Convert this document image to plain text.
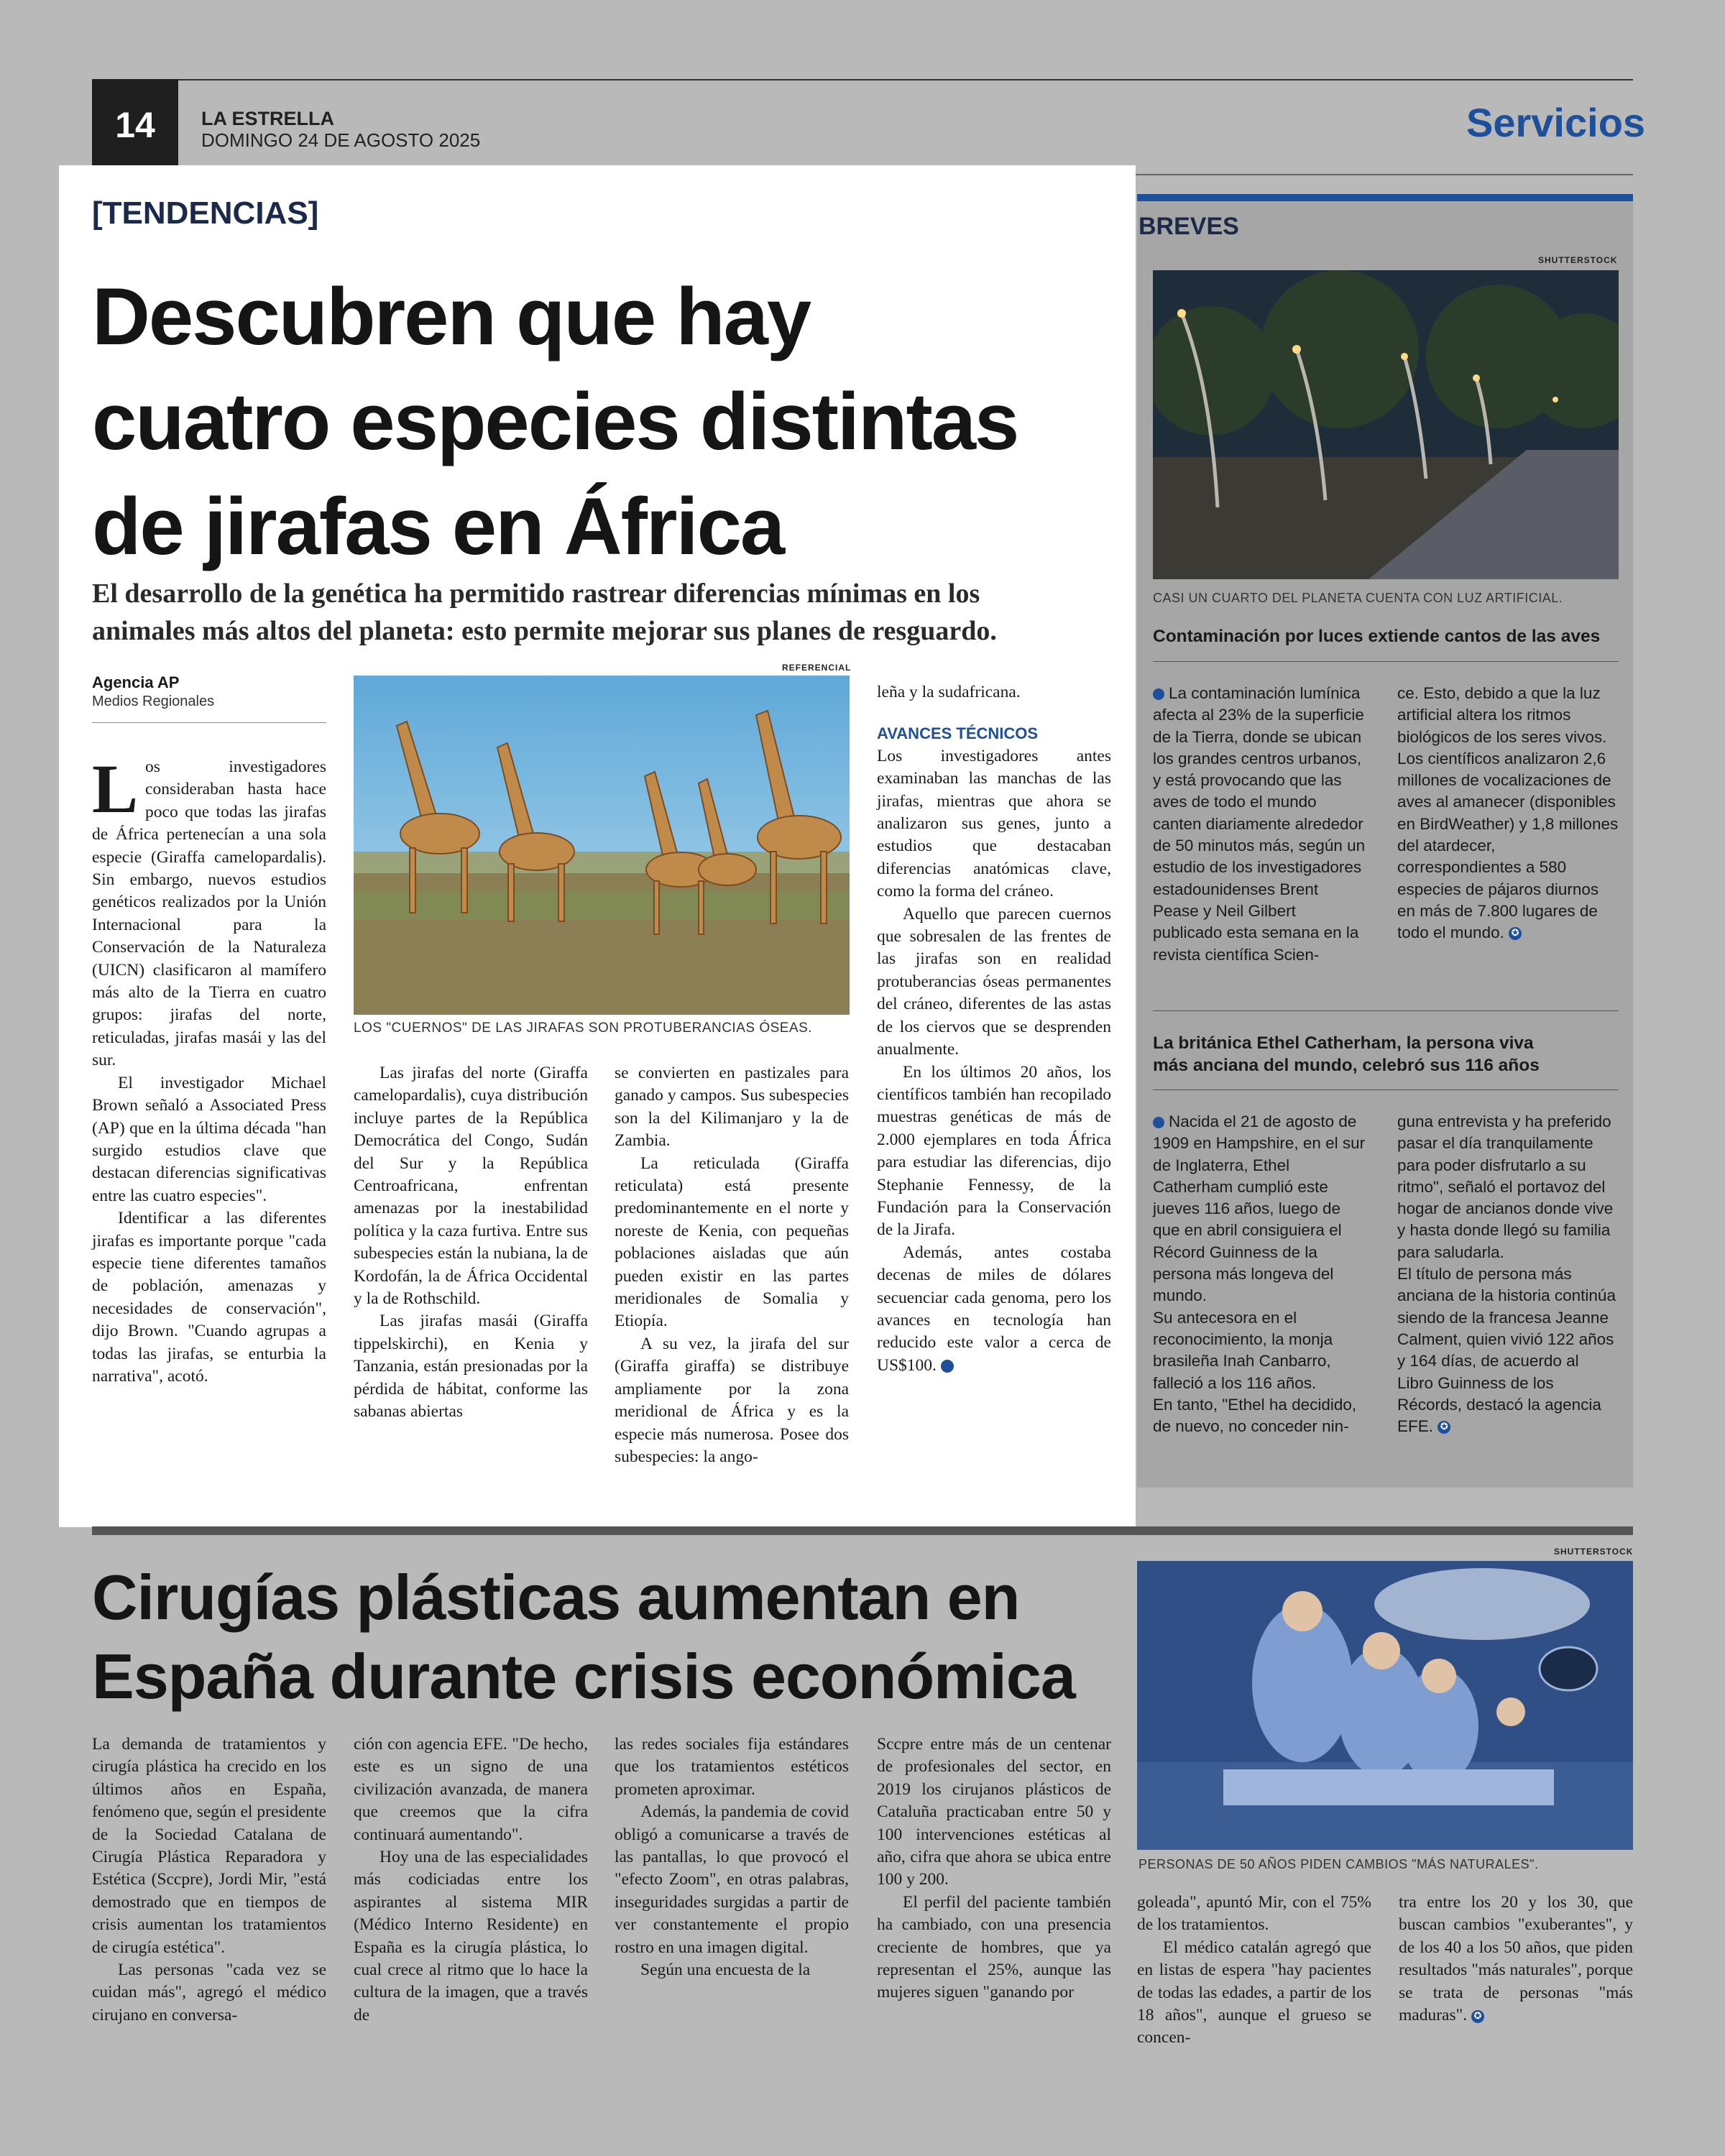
14	LA ESTRELLA
DOMINGO 24 DE AGOSTO 2025	Servicios
[TENDENCIAS]
Descubren que hay
cuatro especies distintas
de jirafas en África
El desarrollo de la genética ha permitido rastrear diferencias mínimas en los
animales más altos del planeta: esto permite mejorar sus planes de resguardo.
Agencia AP
Medios Regionales
REFERENCIAL
LOS "CUERNOS" DE LAS JIRAFAS SON PROTUBERANCIAS ÓSEAS.
L os investigadores consideraban hasta hace poco que todas las jirafas de África pertenecían a una sola especie (Giraffa camelopardalis). Sin embargo, nuevos estudios genéticos realizados por la Unión Internacional para la Conservación de la Naturaleza (UICN) clasificaron al mamífero más alto de la Tierra en cuatro grupos: jirafas del norte, reticuladas, jirafas masái y las del sur.

El investigador Michael Brown señaló a Associated Press (AP) que en la última década "han surgido estudios clave que destacan diferencias significativas entre las cuatro especies".

Identificar a las diferentes jirafas es importante porque "cada especie tiene diferentes tamaños de población, amenazas y necesidades de conservación", dijo Brown. "Cuando agrupas a todas las jirafas, se enturbia la narrativa", acotó.

Las jirafas del norte (Giraffa camelopardalis), cuya distribución incluye partes de la República Democrática del Congo, Sudán del Sur y la República Centroafricana, enfrentan amenazas por la inestabilidad política y la caza furtiva. Entre sus subespecies están la nubiana, la de Kordofán, la de África Occidental y la de Rothschild.

Las jirafas masái (Giraffa tippelskirchi), en Kenia y Tanzania, están presionadas por la pérdida de hábitat, conforme las sabanas abiertas

se convierten en pastizales para ganado y campos. Sus subespecies son la del Kilimanjaro y la de Zambia.

La reticulada (Giraffa reticulata) está presente predominantemente en el norte y noreste de Kenia, con pequeñas poblaciones aisladas que aún pueden existir en las partes meridionales de Somalia y Etiopía.

A su vez, la jirafa del sur (Giraffa giraffa) se distribuye ampliamente por la zona meridional de África y es la especie más numerosa. Posee dos subespecies: la ango-

leña y la sudafricana.

AVANCES TÉCNICOS

Los investigadores antes examinaban las manchas de las jirafas, mientras que ahora se analizaron sus genes, junto a estudios que destacaban diferencias anatómicas clave, como la forma del cráneo.

Aquello que parecen cuernos que sobresalen de las frentes de las jirafas son en realidad protuberancias óseas permanentes del cráneo, diferentes de las astas de los ciervos que se desprenden anualmente.

En los últimos 20 años, los científicos también han recopilado muestras genéticas de más de 2.000 ejemplares en toda África para estudiar las diferencias, dijo Stephanie Fennessy, de la Fundación para la Conservación de la Jirafa.

Además, antes costaba decenas de miles de dólares secuenciar cada genoma, pero los avances en tecnología han reducido este valor a cerca de US$100.	✪

BREVES
SHUTTERSTOCK
CASI UN CUARTO DEL PLANETA CUENTA CON LUZ ARTIFICIAL.
Contaminación por luces extiende cantos de las aves

La contaminación lumínica afecta al 23% de la superficie de la Tierra, donde se ubican los grandes centros urbanos, y está provocando que las aves de todo el mundo canten diariamente alrededor de 50 minutos más, según un estudio de los investigadores estadounidenses Brent Pease y Neil Gilbert publicado esta semana en la revista científica Scien-

ce. Esto, debido a que la luz artificial altera los ritmos biológicos de los seres vivos. Los científicos analizaron 2,6 millones de vocalizaciones de aves al amanecer (disponibles en BirdWeather) y 1,8 millones del atardecer, correspondientes a 580 especies de pájaros diurnos en más de 7.800 lugares de todo el mundo. ✪

La británica Ethel Catherham, la persona viva
más anciana del mundo, celebró sus 116 años

Nacida el 21 de agosto de 1909 en Hampshire, en el sur de Inglaterra, Ethel Catherham cumplió este jueves 116 años, luego de que en abril consiguiera el Récord Guinness de la persona más longeva del mundo.

Su antecesora en el reconocimiento, la monja brasileña Inah Canbarro, falleció a los 116 años.

En tanto, "Ethel ha decidido, de nuevo, no conceder nin-

guna entrevista y ha preferido pasar el día tranquilamente para poder disfrutarlo a su ritmo", señaló el portavoz del hogar de ancianos donde vive y hasta donde llegó su familia para saludarla.

El título de persona más anciana de la historia continúa siendo de la francesa Jeanne Calment, quien vivió 122 años y 164 días, de acuerdo al Libro Guinness de los Récords, destacó la agencia EFE. ✪

Cirugías plásticas aumentan en
España durante crisis económica
SHUTTERSTOCK
PERSONAS DE 50 AÑOS PIDEN CAMBIOS "MÁS NATURALES".

La demanda de tratamientos y cirugía plástica ha crecido en los últimos años en España, fenómeno que, según el presidente de la Sociedad Catalana de Cirugía Plástica Reparadora y Estética (Sccpre), Jordi Mir, "está demostrado que en tiempos de crisis aumentan los tratamientos de cirugía estética".

Las personas "cada vez se cuidan más", agregó el médico cirujano en conversa-

ción con agencia EFE. "De hecho, este es un signo de una civilización avanzada, de manera que creemos que la cifra continuará aumentando".

Hoy una de las especialidades más codiciadas entre los aspirantes al sistema MIR (Médico Interno Residente) en España es la cirugía plástica, lo cual crece al ritmo que lo hace la cultura de la imagen, que a través de

las redes sociales fija estándares que los tratamientos estéticos prometen aproximar.

Además, la pandemia de covid obligó a comunicarse a través de las pantallas, lo que provocó el "efecto Zoom", en otras palabras, inseguridades surgidas a partir de ver constantemente el propio rostro en una imagen digital.

Según una encuesta de la

Sccpre entre más de un centenar de profesionales del sector, en 2019 los cirujanos plásticos de Cataluña practicaban entre 50 y 100 intervenciones estéticas al año, cifra que ahora se ubica entre 100 y 200.

El perfil del paciente también ha cambiado, con una presencia creciente de hombres, que ya representan el 25%, aunque las mujeres siguen "ganando por

goleada", apuntó Mir, con el 75% de los tratamientos.

El médico catalán agregó que en listas de espera "hay pacientes de todas las edades, a partir de los 18 años", aunque el grueso se concen-

tra entre los 20 y los 30, que buscan cambios "exuberantes", y de los 40 a los 50 años, que piden resultados "más naturales", porque se trata de personas "más maduras". ✪
